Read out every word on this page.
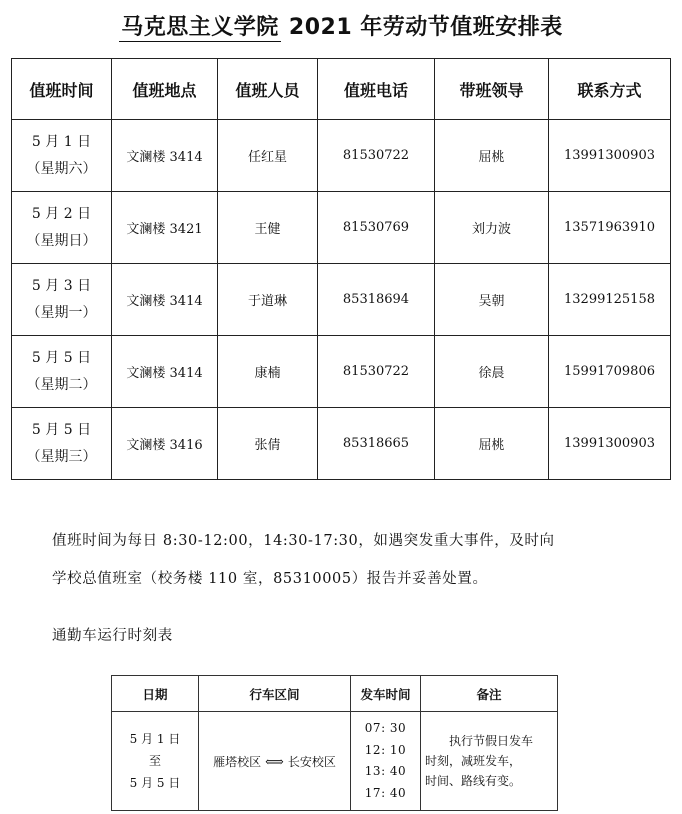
马克思主义学院 2021 年劳动节值班安排表
值班时间	值班地点	值班人员	值班电话	带班领导	联系方式
5 月 1 日
（星期六）	文澜楼 3414	任红星	81530722	屈桃	13991300903
5 月 2 日
（星期日）	文澜楼 3421	王健	81530769	刘力波	13571963910
5 月 3 日
（星期一）	文澜楼 3414	于道琳	85318694	吴朝	13299125158
5 月 5 日
（星期二）	文澜楼 3414	康楠	81530722	徐晨	15991709806
5 月 5 日
（星期三）	文澜楼 3416	张倩	85318665	屈桃	13991300903
值班时间为每日 8:30-12:00，14:30-17:30，如遇突发重大事件，及时向
学校总值班室（校务楼 110 室，85310005）报告并妥善处置。
通勤车运行时刻表
日期	行车区间	发车时间	备注
5 月 1 日
至
5 月 5 日	雁塔校区 ⟺ 长安校区	07: 30
12: 10
13: 40
17: 40	执行节假日发车
时刻，减班发车，
时间、路线有变。
